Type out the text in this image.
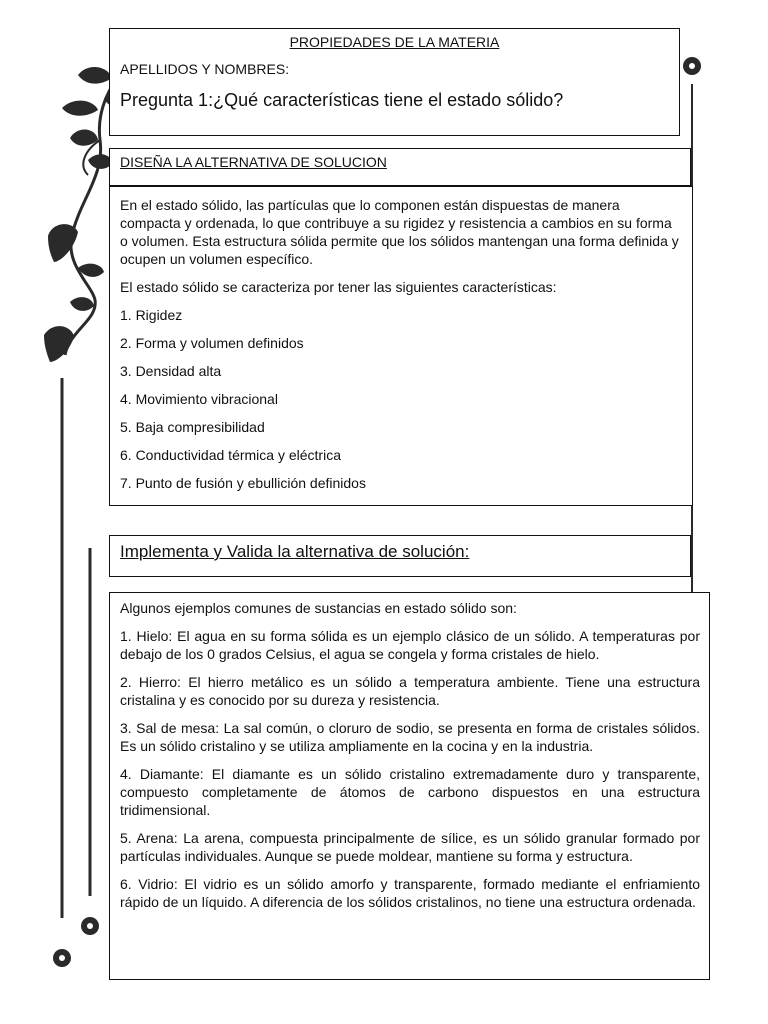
PROPIEDADES DE LA MATERIA
APELLIDOS Y NOMBRES:
Pregunta 1:¿Qué características tiene el estado sólido?
DISEÑA LA ALTERNATIVA DE SOLUCION

En el estado sólido, las partículas que lo componen están dispuestas de manera compacta y ordenada, lo que contribuye a su rigidez y resistencia a cambios en su forma o volumen. Esta estructura sólida permite que los sólidos mantengan una forma definida y ocupen un volumen específico.

El estado sólido se caracteriza por tener las siguientes características:

1. Rigidez

2. Forma y volumen definidos

3. Densidad alta

4. Movimiento vibracional

5. Baja compresibilidad

6. Conductividad térmica y eléctrica

7. Punto de fusión y ebullición definidos

Implementa y Valida la alternativa de solución:

Algunos ejemplos comunes de sustancias en estado sólido son:

1. Hielo: El agua en su forma sólida es un ejemplo clásico de un sólido. A temperaturas por debajo de los 0 grados Celsius, el agua se congela y forma cristales de hielo.

2. Hierro: El hierro metálico es un sólido a temperatura ambiente. Tiene una estructura cristalina y es conocido por su dureza y resistencia.

3. Sal de mesa: La sal común, o cloruro de sodio, se presenta en forma de cristales sólidos. Es un sólido cristalino y se utiliza ampliamente en la cocina y en la industria.

4. Diamante: El diamante es un sólido cristalino extremadamente duro y transparente, compuesto completamente de átomos de carbono dispuestos en una estructura tridimensional.

5. Arena: La arena, compuesta principalmente de sílice, es un sólido granular formado por partículas individuales. Aunque se puede moldear, mantiene su forma y estructura.

6. Vidrio: El vidrio es un sólido amorfo y transparente, formado mediante el enfriamiento rápido de un líquido. A diferencia de los sólidos cristalinos, no tiene una estructura ordenada.
